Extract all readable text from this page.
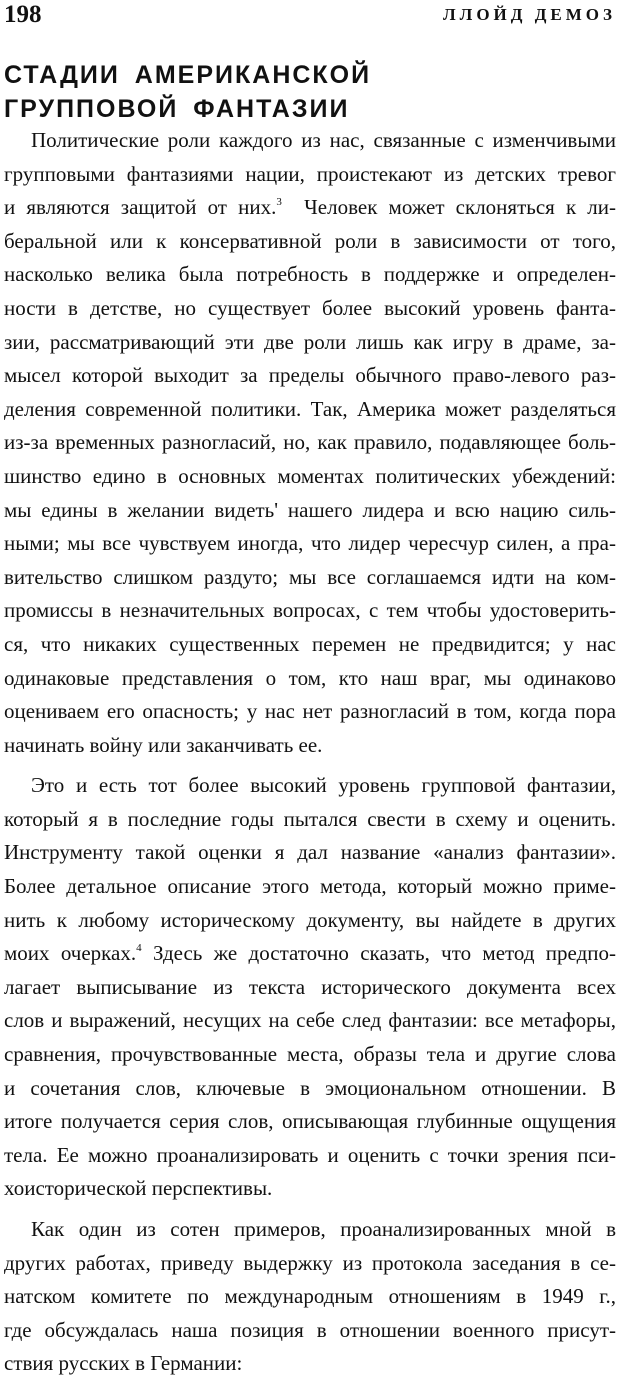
198	ЛЛОЙД ДЕМОЗ
СТАДИИ АМЕРИКАНСКОЙ
ГРУППОВОЙ ФАНТАЗИИ
Политические роли каждого из нас, связанные с изменчивыми
групповыми фантазиями нации, проистекают из детских тревог
и являются защитой от них.$^3$ Человек может склоняться к ли-
беральной или к консервативной роли в зависимости от того,
насколько велика была потребность в поддержке и определен-
ности в детстве, но существует более высокий уровень фанта-
зии, рассматривающий эти две роли лишь как игру в драме, за-
мысел которой выходит за пределы обычного право-левого раз-
деления современной политики. Так, Америка может разделяться
из-за временных разногласий, но, как правило, подавляющее боль-
шинство едино в основных моментах политических убеждений:
мы едины в желании видеть' нашего лидера и всю нацию силь-
ными; мы все чувствуем иногда, что лидер чересчур силен, а пра-
вительство слишком раздуто; мы все соглашаемся идти на ком-
промиссы в незначительных вопросах, с тем чтобы удостоверить-
ся, что никаких существенных перемен не предвидится; у нас
одинаковые представления о том, кто наш враг, мы одинаково
оцениваем его опасность; у нас нет разногласий в том, когда пора
начинать войну или заканчивать ее.
Это и есть тот более высокий уровень групповой фантазии,
который я в последние годы пытался свести в схему и оценить.
Инструменту такой оценки я дал название «анализ фантазии».
Более детальное описание этого метода, который можно приме-
нить к любому историческому документу, вы найдете в других
моих очерках.$^4$ Здесь же достаточно сказать, что метод предпо-
лагает выписывание из текста исторического документа всех
слов и выражений, несущих на себе след фантазии: все метафоры,
сравнения, прочувствованные места, образы тела и другие слова
и сочетания слов, ключевые в эмоциональном отношении. В
итоге получается серия слов, описывающая глубинные ощущения
тела. Ее можно проанализировать и оценить с точки зрения пси-
хоисторической перспективы.
Как один из сотен примеров, проанализированных мной в
других работах, приведу выдержку из протокола заседания в се-
натском комитете по международным отношениям в 1949 г.,
где обсуждалась наша позиция в отношении военного присут-
ствия русских в Германии:
